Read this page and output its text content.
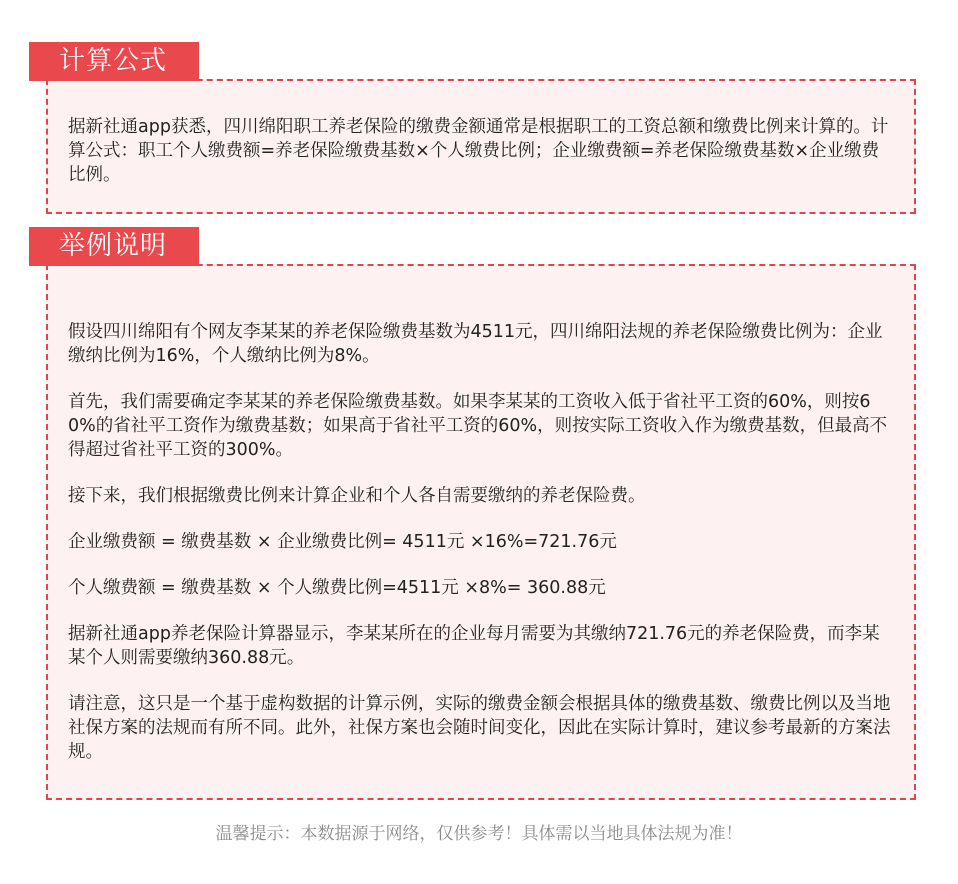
计算公式

据新社通app获悉，四川绵阳职工养老保险的缴费金额通常是根据职工的工资总额和缴费比例来计算的。计算公式：职工个人缴费额=养老保险缴费基数×个人缴费比例；企业缴费额=养老保险缴费基数×企业缴费比例。

举例说明

假设四川绵阳有个网友李某某的养老保险缴费基数为4511元，四川绵阳法规的养老保险缴费比例为：企业缴纳比例为16%，个人缴纳比例为8%。

首先，我们需要确定李某某的养老保险缴费基数。如果李某某的工资收入低于省社平工资的60%，则按60%的省社平工资作为缴费基数；如果高于省社平工资的60%，则按实际工资收入作为缴费基数，但最高不得超过省社平工资的300%。

接下来，我们根据缴费比例来计算企业和个人各自需要缴纳的养老保险费。

企业缴费额 = 缴费基数 × 企业缴费比例= 4511元 ×16%=721.76元

个人缴费额 = 缴费基数 × 个人缴费比例=4511元 ×8%= 360.88元

据新社通app养老保险计算器显示，李某某所在的企业每月需要为其缴纳721.76元的养老保险费，而李某某个人则需要缴纳360.88元。

请注意，这只是一个基于虚构数据的计算示例，实际的缴费金额会根据具体的缴费基数、缴费比例以及当地社保方案的法规而有所不同。此外，社保方案也会随时间变化，因此在实际计算时，建议参考最新的方案法规。

温馨提示：本数据源于网络，仅供参考！具体需以当地具体法规为准！
